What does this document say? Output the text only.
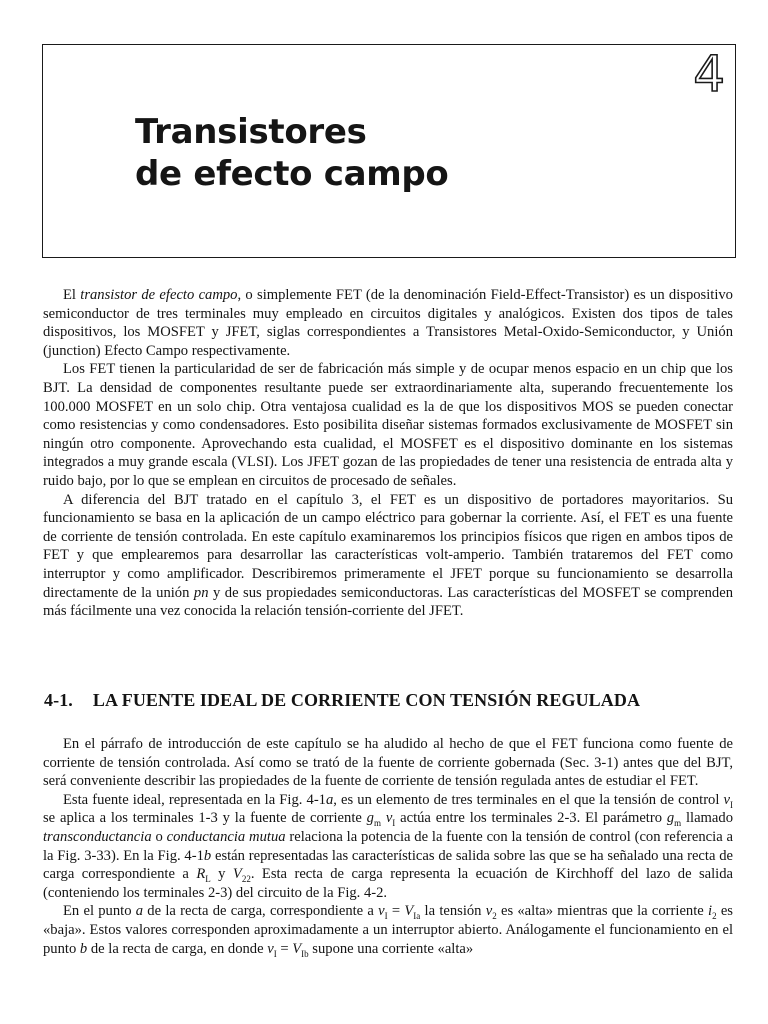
4
Transistores
de efecto campo

El transistor de efecto campo, o simplemente FET (de la denominación Field-Effect-Transistor) es un dispositivo semiconductor de tres terminales muy empleado en circuitos digitales y analógicos. Existen dos tipos de tales dispositivos, los MOSFET y JFET, siglas correspondientes a Transistores Metal-Oxido-Semiconductor, y Unión (junction) Efecto Campo respectivamente.

Los FET tienen la particularidad de ser de fabricación más simple y de ocupar menos espacio en un chip que los BJT. La densidad de componentes resultante puede ser extraordinariamente alta, superando frecuentemente los 100.000 MOSFET en un solo chip. Otra ventajosa cualidad es la de que los dispositivos MOS se pueden conectar como resistencias y como condensadores. Esto posibilita diseñar sistemas formados exclusivamente de MOSFET sin ningún otro componente. Aprovechando esta cualidad, el MOSFET es el dispositivo dominante en los sistemas integrados a muy grande escala (VLSI). Los JFET gozan de las propiedades de tener una resistencia de entrada alta y ruido bajo, por lo que se emplean en circuitos de procesado de señales.

A diferencia del BJT tratado en el capítulo 3, el FET es un dispositivo de portadores mayoritarios. Su funcionamiento se basa en la aplicación de un campo eléctrico para gobernar la corriente. Así, el FET es una fuente de corriente de tensión controlada. En este capítulo examinaremos los principios físicos que rigen en ambos tipos de FET y que emplearemos para desarrollar las características volt-amperio. También trataremos del FET como interruptor y como amplificador. Describiremos primeramente el JFET porque su funcionamiento se desarrolla directamente de la unión pn y de sus propiedades semiconductoras. Las características del MOSFET se comprenden más fácilmente una vez conocida la relación tensión-corriente del JFET.

4-1. LA FUENTE IDEAL DE CORRIENTE CON TENSIÓN REGULADA

En el párrafo de introducción de este capítulo se ha aludido al hecho de que el FET funciona como fuente de corriente de tensión controlada. Así como se trató de la fuente de corriente gobernada (Sec. 3-1) antes que del BJT, será conveniente describir las propiedades de la fuente de corriente de tensión regulada antes de estudiar el FET.

Esta fuente ideal, representada en la Fig. 4-1a, es un elemento de tres terminales en el que la tensión de control $v_I$ se aplica a los terminales 1-3 y la fuente de corriente $g_m$ $v_I$ actúa entre los terminales 2-3. El parámetro $g_m$ llamado transconductancia o conductancia mutua relaciona la potencia de la fuente con la tensión de control (con referencia a la Fig. 3-33). En la Fig. 4-1b están representadas las características de salida sobre las que se ha señalado una recta de carga correspondiente a $R_L$ y $V_{22}$. Esta recta de carga representa la ecuación de Kirchhoff del lazo de salida (conteniendo los terminales 2-3) del circuito de la Fig. 4-2.

En el punto a de la recta de carga, correspondiente a $v_I = V_{Ia}$ la tensión $v_2$ es «alta» mientras que la corriente $i_2$ es «baja». Estos valores corresponden aproximadamente a un interruptor abierto. Análogamente el funcionamiento en el punto b de la recta de carga, en donde $v_I = V_{Ib}$ supone una corriente «alta»
